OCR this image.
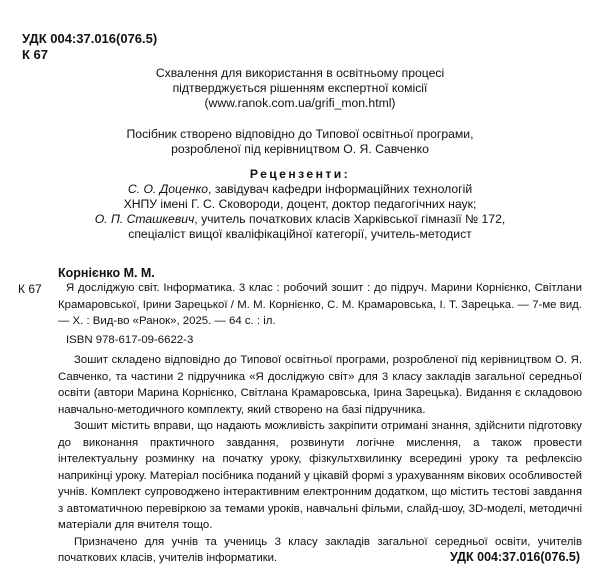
УДК 004:37.016(076.5)
К 67

Схвалення для використання в освітньому процесі

підтверджується рішенням експертної комісії

(www.ranok.com.ua/grifi_mon.html)

Посібник створено відповідно до Типової освітньої програми,

розробленої під керівництвом О. Я. Савченко

Рецензенти:

С. О. Доценко, завідувач кафедри інформаційних технологій

ХНПУ імені Г. С. Сковороди, доцент, доктор педагогічних наук;

О. П. Сташкевич, учитель початкових класів Харківської гімназії № 172,

спеціаліст вищої кваліфікаційної категорії, учитель-методист

Корнієнко М. М.
К 67	Я досліджую світ. Інформатика. 3 клас : робочий зошит : до підруч. Марини Корнієнко, Світлани Крамаровської, Ірини Зарецької / М. М. Корнієнко, С. М. Крамаровська, І. Т. Зарецька. — 7-ме вид. — Х. : Вид-во «Ранок», 2025. — 64 с. : іл.

ISBN 978-617-09-6622-3

Зошит складено відповідно до Типової освітньої програми, розробленої під керівництвом О. Я. Савченко, та частини 2 підручника «Я досліджую світ» для 3 класу закладів загальної середньої освіти (автори Марина Корнієнко, Світлана Крамаровська, Ірина Зарецька). Видання є складовою навчально-методичного комплекту, який створено на базі підручника.

Зошит містить вправи, що надають можливість закріпити отримані знання, здійснити підготовку до виконання практичного завдання, розвинути логічне мислення, а також провести інтелектуальну розминку на початку уроку, фізкультхвилинку всередині уроку та рефлексію наприкінці уроку. Матеріал посібника поданий у цікавій формі з урахуванням вікових особливостей учнів. Комплект супроводжено інтерактивним електронним додатком, що містить тестові завдання з автоматичною перевіркою за темами уроків, навчальні фільми, слайд-шоу, 3D-моделі, методичні матеріали для вчителя тощо.

Призначено для учнів та учениць 3 класу закладів загальної середньої освіти, учителів початкових класів, учителів інформатики.	УДК 004:37.016(076.5)
